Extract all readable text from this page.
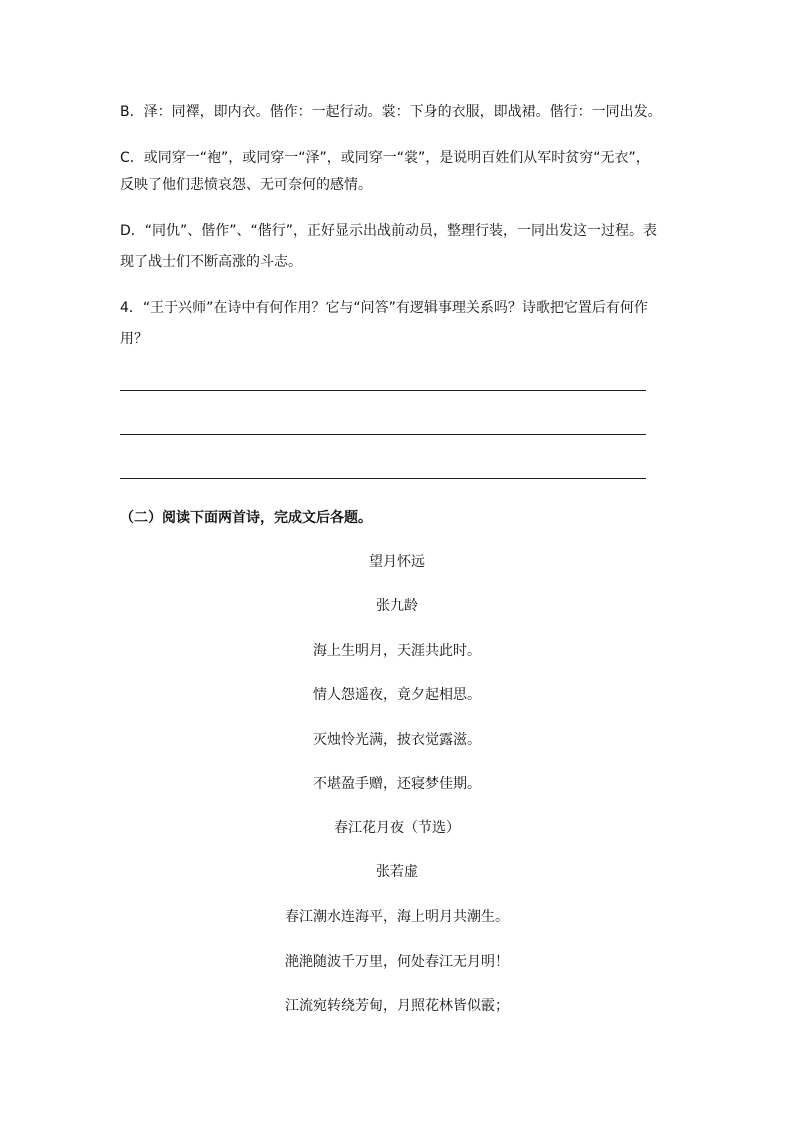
B．泽：同襗，即内衣。偕作：一起行动。裳：下身的衣服，即战裙。偕行：一同出发。

C．或同穿一“袍”，或同穿一“泽”，或同穿一“裳”，是说明百姓们从军时贫穷“无衣”，

反映了他们悲愤哀怨、无可奈何的感情。

D．“同仇”、偕作”、“偕行”，正好显示出战前动员，整理行装，一同出发这一过程。表

现了战士们不断高涨的斗志。

4．“王于兴师”在诗中有何作用？它与“问答”有逻辑事理关系吗？诗歌把它置后有何作

用？

（二）阅读下面两首诗，完成文后各题。

望月怀远

张九龄

海上生明月，天涯共此时。

情人怨遥夜，竟夕起相思。

灭烛怜光满，披衣觉露滋。

不堪盈手赠，还寝梦佳期。

春江花月夜（节选）

张若虚

春江潮水连海平，海上明月共潮生。

滟滟随波千万里，何处春江无月明！

江流宛转绕芳甸，月照花林皆似霰；
